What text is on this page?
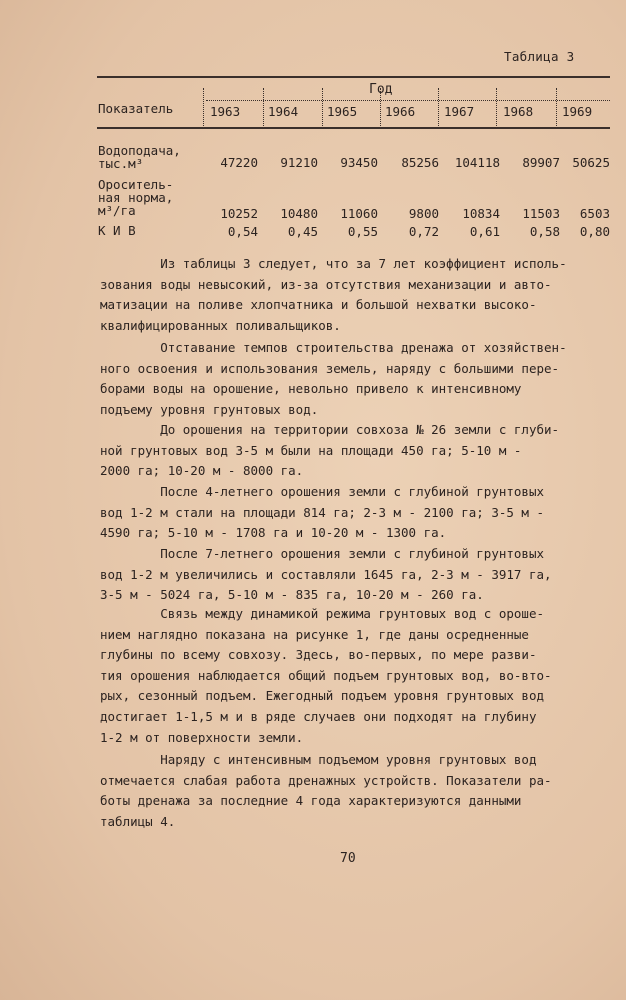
Таблица 3
Показатель
Год
1963 1964 1965 1966 1967 1968 1969
Водоподача,
тыс.м³	47220	91210	93450	85256	104118	89907 50625
Ороситель-
ная норма,
м³/га	10252	10480	11060	9800	10834	11503	6503
К И В	0,54	0,45	0,55	0,72	0,61	0,58	0,80
Из таблицы 3 следует, что за 7 лет коэффициент исполь-
зования воды невысокий, из-за отсутствия механизации и авто-
матизации на поливе хлопчатника и большой нехватки высоко-
квалифицированных поливальщиков.
Отставание темпов строительства дренажа от хозяйствен-
ного освоения и использования земель, наряду с большими пере-
борами воды на орошение, невольно привело к интенсивному
подъему уровня грунтовых вод.
До орошения на территории совхоза № 26 земли с глуби-
ной грунтовых вод 3-5 м были на площади 450 га; 5-10 м -
2000 га; 10-20 м - 8000 га.
После 4-летнего орошения земли с глубиной грунтовых
вод 1-2 м стали на площади 814 га; 2-3 м - 2100 га; 3-5 м -
4590 га; 5-10 м - 1708 га и 10-20 м - 1300 га.
После 7-летнего орошения земли с глубиной грунтовых
вод 1-2 м увеличились и составляли 1645 га, 2-3 м - 3917 га,
3-5 м - 5024 га, 5-10 м - 835 га, 10-20 м - 260 га.
Связь между динамикой режима грунтовых вод с ороше-
нием наглядно показана на рисунке 1, где даны осредненные
глубины по всему совхозу. Здесь, во-первых, по мере разви-
тия орошения наблюдается общий подъем грунтовых вод, во-вто-
рых, сезонный подъем. Ежегодный подъем уровня грунтовых вод
достигает 1-1,5 м и в ряде случаев они подходят на глубину
1-2 м от поверхности земли.
Наряду с интенсивным подъемом уровня грунтовых вод
отмечается слабая работа дренажных устройств. Показатели ра-
боты дренажа за последние 4 года характеризуются данными
таблицы 4.
70
